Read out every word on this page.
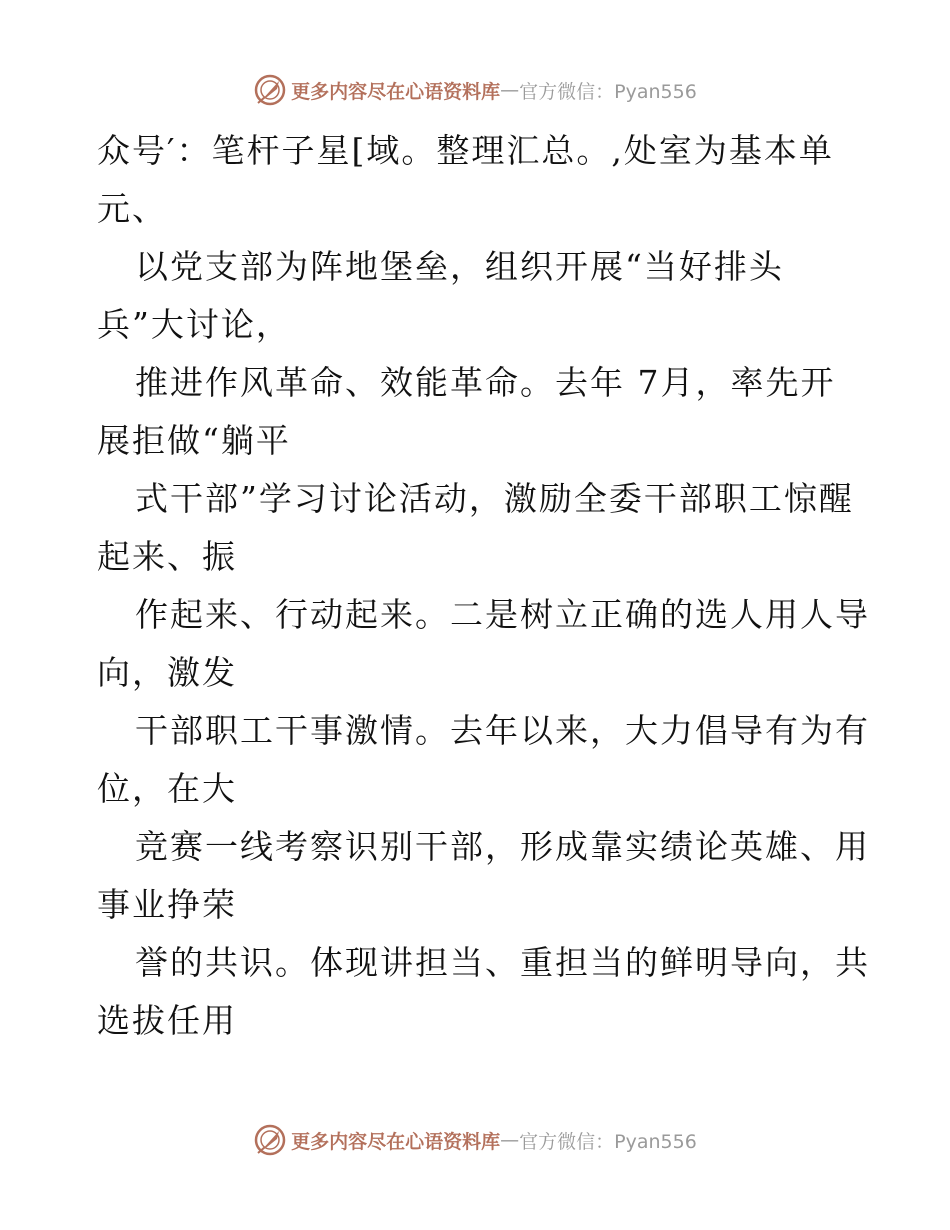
更多内容尽在心语资料库 — 官方微信：Pyan556
众号′：笔杆子星[域。整理汇总。,处室为基本单
元、
以党支部为阵地堡垒，组织开展“当好排头
兵”大讨论，
推进作风革命、效能革命。去年 7月，率先开
展拒做“躺平
式干部”学习讨论活动，激励全委干部职工惊醒
起来、振
作起来、行动起来。二是树立正确的选人用人导
向，激发
干部职工干事激情。去年以来，大力倡导有为有
位，在大
竞赛一线考察识别干部，形成靠实绩论英雄、用
事业挣荣
誉的共识。体现讲担当、重担当的鲜明导向，共
选拔任用
更多内容尽在心语资料库 — 官方微信：Pyan556
